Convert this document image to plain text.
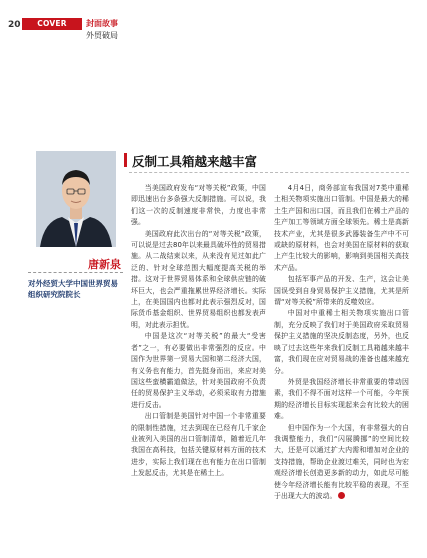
20	COVER STORY
封面故事
外贸破局
唐新泉
对外经贸大学中国世界贸易组织研究院院长
反制工具箱越来越丰富

当美国政府发布“对等关税”政策，中国即迅速出台多条强大反制措施。可以说，我们这一次的反制速度非常快，力度也非常强。

美国政府此次出台的“对等关税”政策，可以说是过去80年以来最具破坏性的贸易措施。从二战结束以来，从来没有见过如此广泛的、针对全球范围大幅度提高关税的举措。这对于世界贸易体系和全球供应链的破坏巨大，也会严重拖累世界经济增长。实际上，在美国国内也都对此表示强烈反对，国际货币基金组织、世界贸易组织也都发表声明，对此表示担忧。

中国是这次“对等关税”的最大“受害者”之一，有必要做出非常强烈的反应。中国作为世界第一贸易大国和第二经济大国，有义务也有能力，首先挺身而出，来应对美国这些蛮横霸道做法，针对美国政府不负责任的贸易保护主义举动，必须采取有力措施进行反击。

出口管制是美国针对中国一个非常重要的限制性措施，过去到现在已经有几千家企业被列入美国的出口管制清单，随着近几年我国在高科技，包括关键原材料方面的技术进步，实际上我们现在也有能力在出口管制上发起反击，尤其是在稀土上。

4月4日，商务部宣布我国对7类中重稀土相关物项实施出口管制。中国是最大的稀土生产国和出口国，而且我们在稀土产品的生产加工等领域方面全球领先。稀土是高新技术产业，尤其是很多武器装备生产中不可或缺的原材料，也会对美国在原材料的获取上产生比较大的影响，影响到美国相关高技术产品。

包括军事产品的开发、生产，这会让美国误受到自身贸易保护主义措施，尤其是所谓“对等关税”所带来的反噬效应。

中国对中重稀土相关物项实施出口管制，充分反映了我们对于美国政府采取贸易保护主义措施的坚决反制态度，另外，也反映了过去这些年来我们反制工具箱越来越丰富，我们现在应对贸易战的准备也越来越充分。

外贸是我国经济增长非常重要的带动因素，我们不得不面对这样一个可能，今年预期的经济增长目标实现起来会有比较大的困难。

但中国作为一个大国，有非常强大的自我调整能力，我们“闪展腾挪”的空间比较大，还是可以通过扩大内需和增加对企业的支持措施，帮助企业渡过难关，同时也为宏观经济增长创造更多新的动力，如此尽可能使今年经济增长能有比较平稳的表现，不至于出现大大的波动。
